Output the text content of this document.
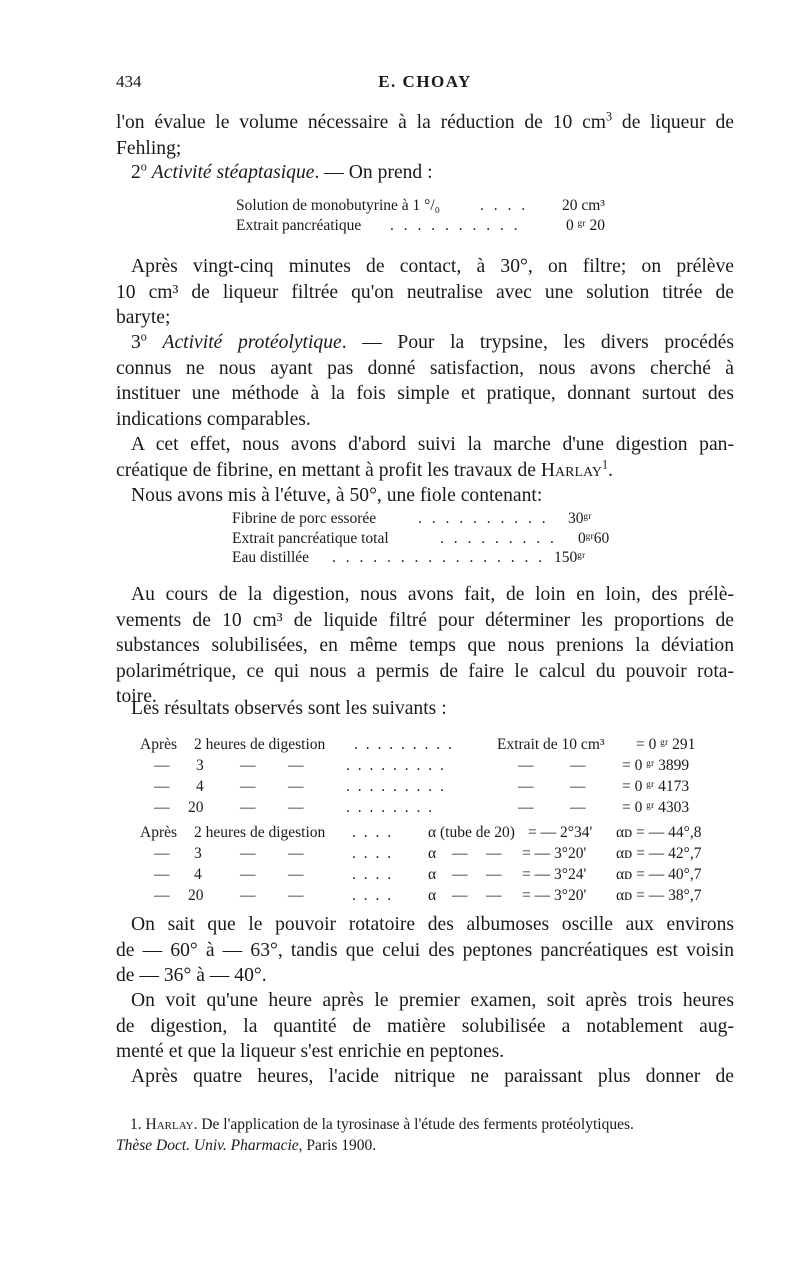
434	E. CHOAY

l'on évalue le volume nécessaire à la réduction de 10 $cm^3$ de liqueur de
Fehling;

2$^o$ Activité stéaptasique. — On prend :

Solution de monobutyrine à 1 °/₀	. . . . 20 cm³
Extrait pancréatique . . . . . . . . . .	0 ᵍʳ 20

Après vingt-cinq minutes de contact, à 30°, on filtre; on prélève
10 cm³ de liqueur filtrée qu'on neutralise avec une solution titrée de
baryte;

3$^o$ Activité protéolytique. — Pour la trypsine, les divers procédés
connus ne nous ayant pas donné satisfaction, nous avons cherché à
instituer une méthode à la fois simple et pratique, donnant surtout des
indications comparables.

A cet effet, nous avons d'abord suivi la marche d'une digestion pan-
créatique de fibrine, en mettant à profit les travaux de Harlay$^1$.

Nous avons mis à l'étuve, à 50°, une fiole contenant:

Fibrine de porc essorée	. . . . . . . . . . 30ᵍʳ
Extrait pancréatique total	. . . . . . . . . 0ᵍʳ60
Eau distillée . . . . . . . . . . . . . . . . 150ᵍʳ

Au cours de la digestion, nous avons fait, de loin en loin, des prélè-
vements de 10 cm³ de liquide filtré pour déterminer les proportions de
substances solubilisées, en même temps que nous prenions la déviation
polarimétrique, ce qui nous a permis de faire le calcul du pouvoir rota-
toire.

Les résultats observés sont les suivants :

Après 2 heures de digestion . . . . . . . . .	Extrait de 10 cm³ = 0 ᵍʳ 291
— 3 — —	. . . . . . . . .	— — = 0 ᵍʳ 3899
— 4 — —	. . . . . . . . .	— — = 0 ᵍʳ 4173
— 20 — —	. . . . . . . .	— — = 0 ᵍʳ 4303
Après 2 heures de digestion . . . . α (tube de 20) = — 2°34' αᴅ = — 44°,8
— 3 — —	. . . . α — — = — 3°20' αᴅ = — 42°,7
— 4 — —	. . . . α — — = — 3°24' αᴅ = — 40°,7
— 20 — —	. . . . α — — = — 3°20' αᴅ = — 38°,7

On sait que le pouvoir rotatoire des albumoses oscille aux environs
de — 60° à — 63°, tandis que celui des peptones pancréatiques est voisin
de — 36° à — 40°.

On voit qu'une heure après le premier examen, soit après trois heures
de digestion, la quantité de matière solubilisée a notablement aug-
menté et que la liqueur s'est enrichie en peptones.

Après quatre heures, l'acide nitrique ne paraissant plus donner de

1. Harlay. De l'application de la tyrosinase à l'étude des ferments protéolytiques.
Thèse Doct. Univ. Pharmacie, Paris 1900.
